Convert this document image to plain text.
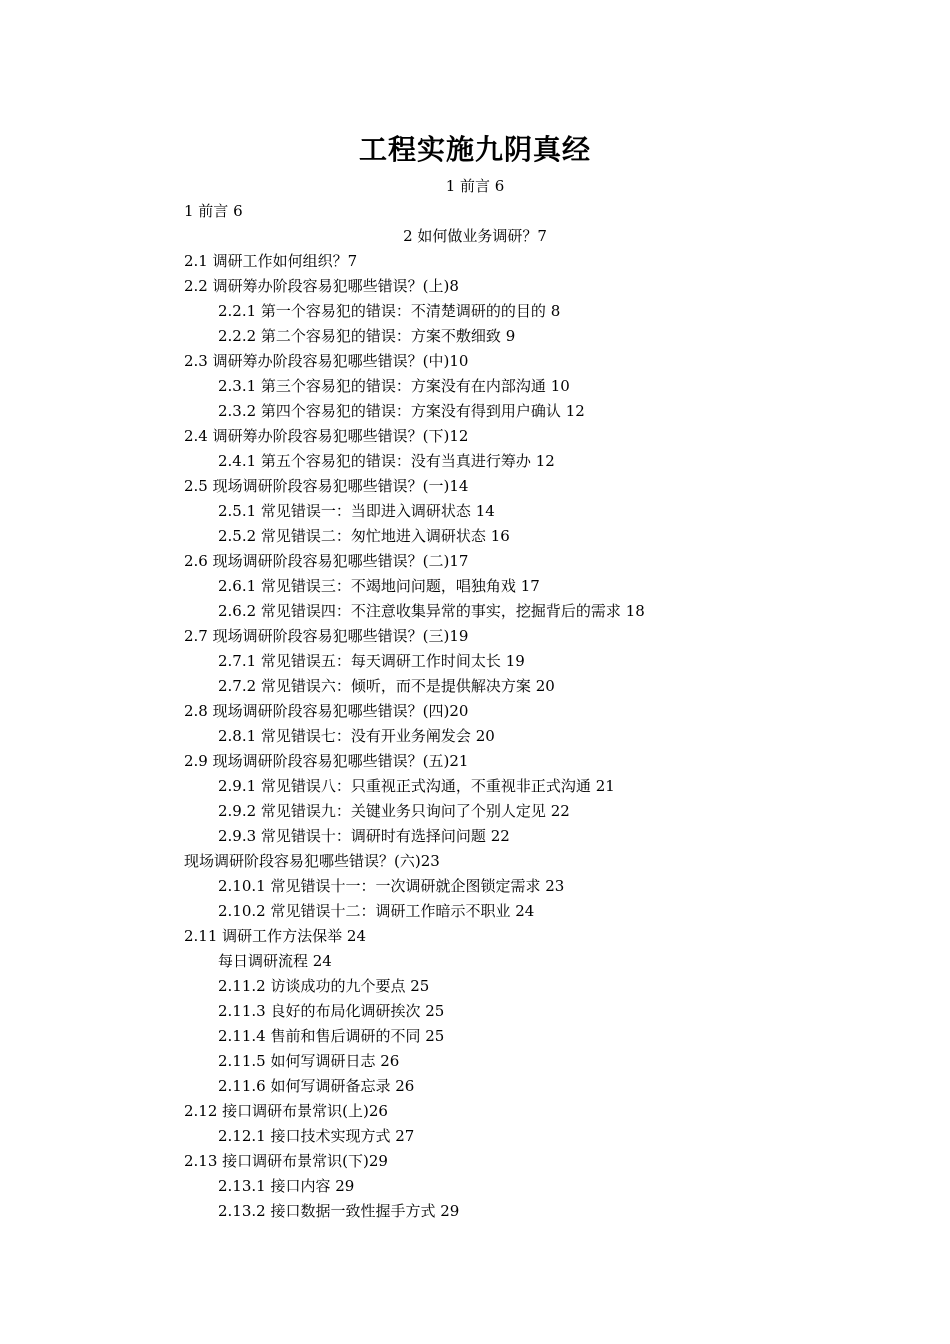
工程实施九阴真经
1 前言 6
1 前言 6
2 如何做业务调研？7
2.1 调研工作如何组织？7
2.2 调研筹办阶段容易犯哪些错误？(上)8
2.2.1 第一个容易犯的错误：不清楚调研的的目的 8
2.2.2 第二个容易犯的错误：方案不敷细致 9
2.3 调研筹办阶段容易犯哪些错误？(中)10
2.3.1 第三个容易犯的错误：方案没有在内部沟通 10
2.3.2 第四个容易犯的错误：方案没有得到用户确认 12
2.4 调研筹办阶段容易犯哪些错误？(下)12
2.4.1 第五个容易犯的错误：没有当真进行筹办 12
2.5 现场调研阶段容易犯哪些错误？(一)14
2.5.1 常见错误一：当即进入调研状态 14
2.5.2 常见错误二：匆忙地进入调研状态 16
2.6 现场调研阶段容易犯哪些错误？(二)17
2.6.1 常见错误三：不竭地问问题，唱独角戏 17
2.6.2 常见错误四：不注意收集异常的事实，挖掘背后的需求 18
2.7 现场调研阶段容易犯哪些错误？(三)19
2.7.1 常见错误五：每天调研工作时间太长 19
2.7.2 常见错误六：倾听，而不是提供解决方案 20
2.8 现场调研阶段容易犯哪些错误？(四)20
2.8.1 常见错误七：没有开业务阐发会 20
2.9 现场调研阶段容易犯哪些错误？(五)21
2.9.1 常见错误八：只重视正式沟通，不重视非正式沟通 21
2.9.2 常见错误九：关键业务只询问了个别人定见 22
2.9.3 常见错误十：调研时有选择问问题 22
现场调研阶段容易犯哪些错误？(六)23
2.10.1 常见错误十一：一次调研就企图锁定需求 23
2.10.2 常见错误十二：调研工作暗示不职业 24
2.11 调研工作方法保举 24
每日调研流程 24
2.11.2 访谈成功的九个要点 25
2.11.3 良好的布局化调研挨次 25
2.11.4 售前和售后调研的不同 25
2.11.5 如何写调研日志 26
2.11.6 如何写调研备忘录 26
2.12 接口调研布景常识(上)26
2.12.1 接口技术实现方式 27
2.13 接口调研布景常识(下)29
2.13.1 接口内容 29
2.13.2 接口数据一致性握手方式 29
